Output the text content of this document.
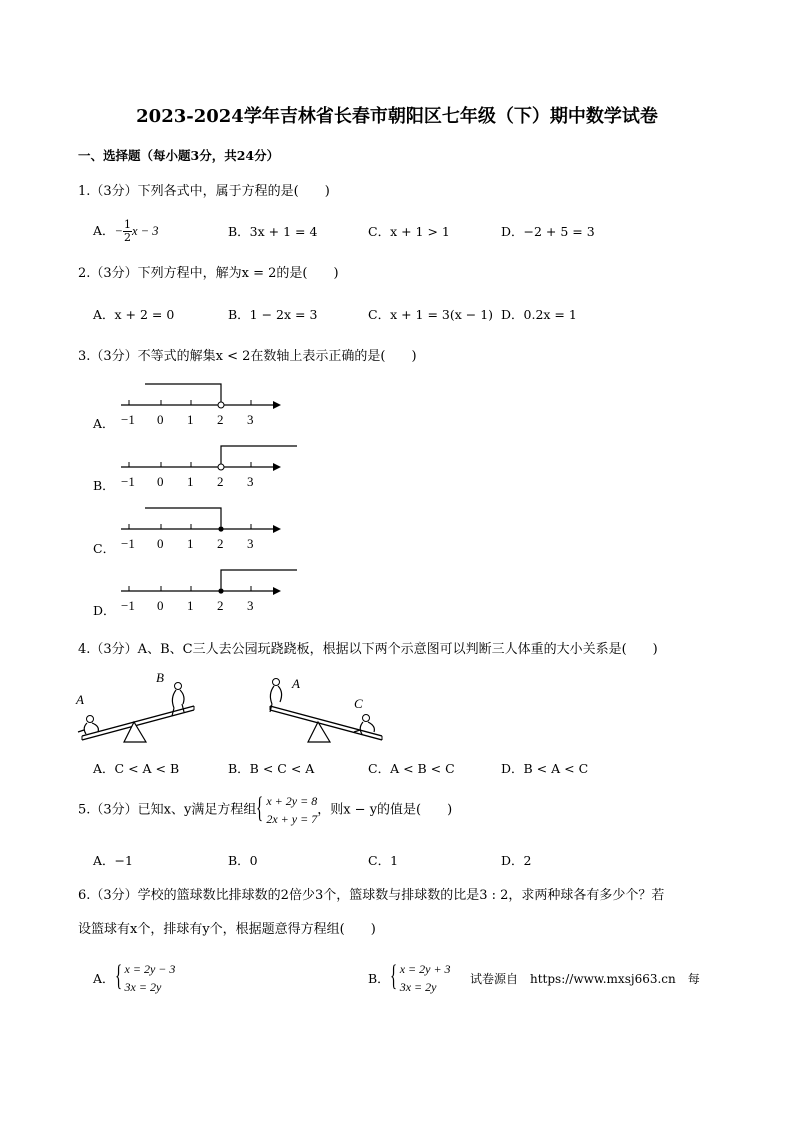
2023-2024学年吉林省长春市朝阳区七年级（下）期中数学试卷
一、选择题（每小题3分，共24分）
1.（3分）下列各式中，属于方程的是(　　)
A．− $\frac{1}{2}$ x − 3	B．3x + 1 = 4	C．x + 1 > 1	D．−2 + 5 = 3
2.（3分）下列方程中，解为x = 2的是(　　)
A．x + 2 = 0	B．1 − 2x = 3	C．x + 1 = 3(x − 1) D．0.2x = 1
3.（3分）不等式的解集x < 2在数轴上表示正确的是(　　)
A． −1 0 1 2 3
B． −1 0 1 2 3
C． −1 0 1 2 3
D． −1 0 1 2 3
4.（3分）A、B、C三人去公园玩跷跷板，根据以下两个示意图可以判断三人体重的大小关系是(　　)
A
B	A
C
A．C < A < B	B．B < C < A	C．A < B < C	D．B < A < C
5.（3分）已知x、y满足方程组 { x + 2y = 8
2x + y = 7
，则x − y的值是(　　)
A．−1	B．0	C．1	D．2
6.（3分）学校的篮球数比排球数的2倍少3个，篮球数与排球数的比是3 : 2，求两种球各有多少个？若
设篮球有x个，排球有y个，根据题意得方程组(　　)
A． { x = 2y − 3
3x = 2y
B． { x = 2y + 3
3x = 2y
试卷源自　https://www.mxsj663.cn　每
